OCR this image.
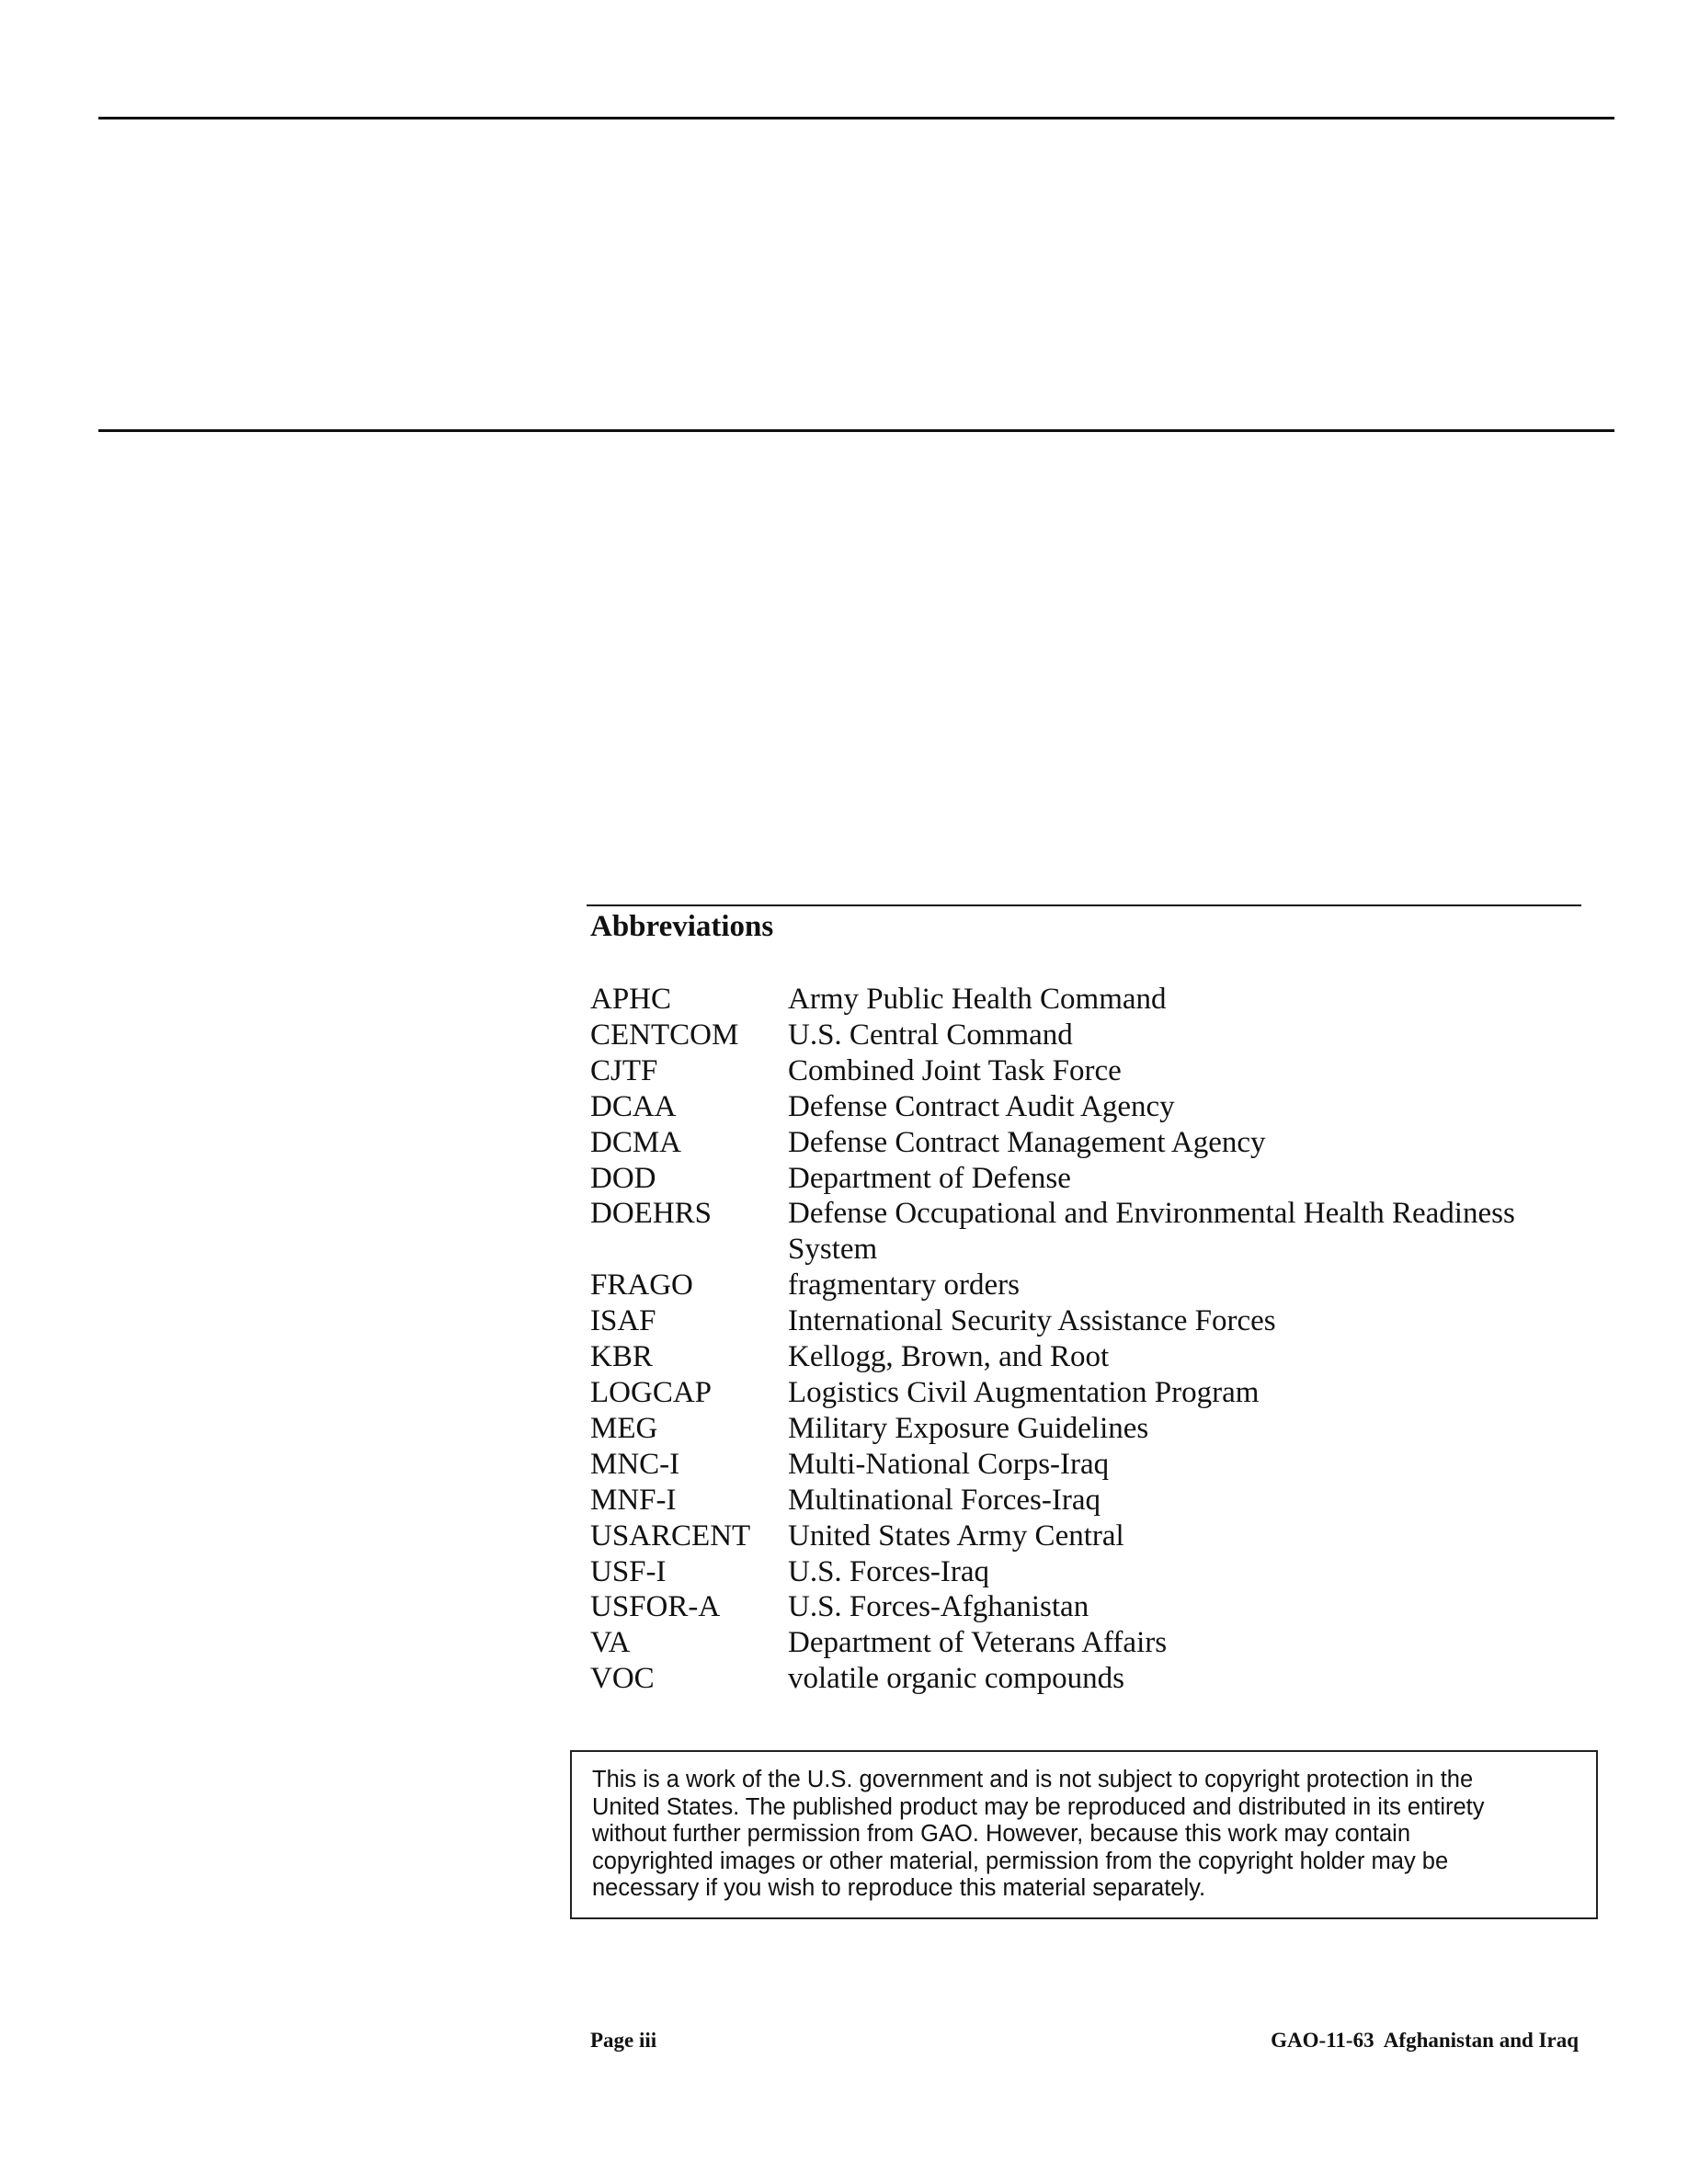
Abbreviations
APHC	Army Public Health Command
CENTCOM	U.S. Central Command
CJTF	Combined Joint Task Force
DCAA	Defense Contract Audit Agency
DCMA	Defense Contract Management Agency
DOD	Department of Defense
DOEHRS	Defense Occupational and Environmental Health Readiness System
FRAGO	fragmentary orders
ISAF	International Security Assistance Forces
KBR	Kellogg, Brown, and Root
LOGCAP	Logistics Civil Augmentation Program
MEG	Military Exposure Guidelines
MNC-I	Multi-National Corps-Iraq
MNF-I	Multinational Forces-Iraq
USARCENT	United States Army Central
USF-I	U.S. Forces-Iraq
USFOR-A	U.S. Forces-Afghanistan
VA	Department of Veterans Affairs
VOC	volatile organic compounds
This is a work of the U.S. government and is not subject to copyright protection in the
United States. The published product may be reproduced and distributed in its entirety
without further permission from GAO. However, because this work may contain
copyrighted images or other material, permission from the copyright holder may be
necessary if you wish to reproduce this material separately.
Page iii	GAO-11-63  Afghanistan and Iraq
